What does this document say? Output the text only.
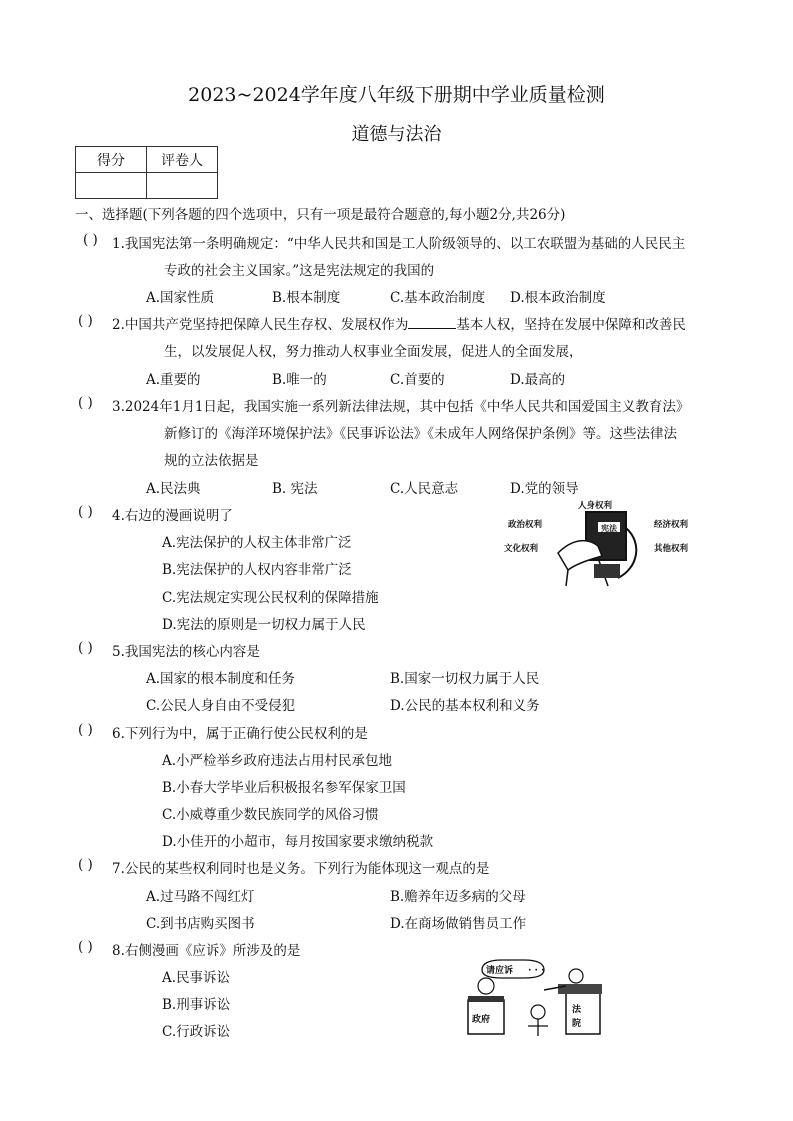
2023~2024学年度八年级下册期中学业质量检测
道德与法治
得分	评卷人

一、选择题(下列各题的四个选项中，只有一项是最符合题意的,每小题2分,共26分)
( ) 1.我国宪法第一条明确规定：“中华人民共和国是工人阶级领导的、以工农联盟为基础的人民民主
专政的社会主义国家。”这是宪法规定的我国的
A.国家性质	B.根本制度	C.基本政治制度 D.根本政治制度
( ) 2.中国共产党坚持把保障人民生存权、发展权作为	基本人权，坚持在发展中保障和改善民
生，以发展促人权，努力推动人权事业全面发展，促进人的全面发展，
A.重要的	B.唯一的	C.首要的	D.最高的
( ) 3.2024年1月1日起，我国实施一系列新法律法规，其中包括《中华人民共和国爱国主义教育法》
新修订的《海洋环境保护法》《民事诉讼法》《未成年人网络保护条例》等。这些法律法
规的立法依据是
A.民法典	B. 宪法	C.人民意志	D.党的领导
( ) 4.右边的漫画说明了
A.宪法保护的人权主体非常广泛
B.宪法保护的人权内容非常广泛
C.宪法规定实现公民权利的保障措施
D.宪法的原则是一切权力属于人民
宪法
人身权利
政治权利	经济权利
文化权利	其他权利
( ) 5.我国宪法的核心内容是
A.国家的根本制度和任务	B.国家一切权力属于人民
C.公民人身自由不受侵犯	D.公民的基本权利和义务
( ) 6.下列行为中，属于正确行使公民权利的是
A.小严检举乡政府违法占用村民承包地
B.小春大学毕业后积极报名参军保家卫国
C.小威尊重少数民族同学的风俗习惯
D.小佳开的小超市，每月按国家要求缴纳税款
( ) 7.公民的某些权利同时也是义务。下列行为能体现这一观点的是
A.过马路不闯红灯	B.赡养年迈多病的父母
C.到书店购买图书	D.在商场做销售员工作
( ) 8.右侧漫画《应诉》所涉及的是
A.民事诉讼
B.刑事诉讼
C.行政诉讼
请应诉 · · ·
政府
法
院
